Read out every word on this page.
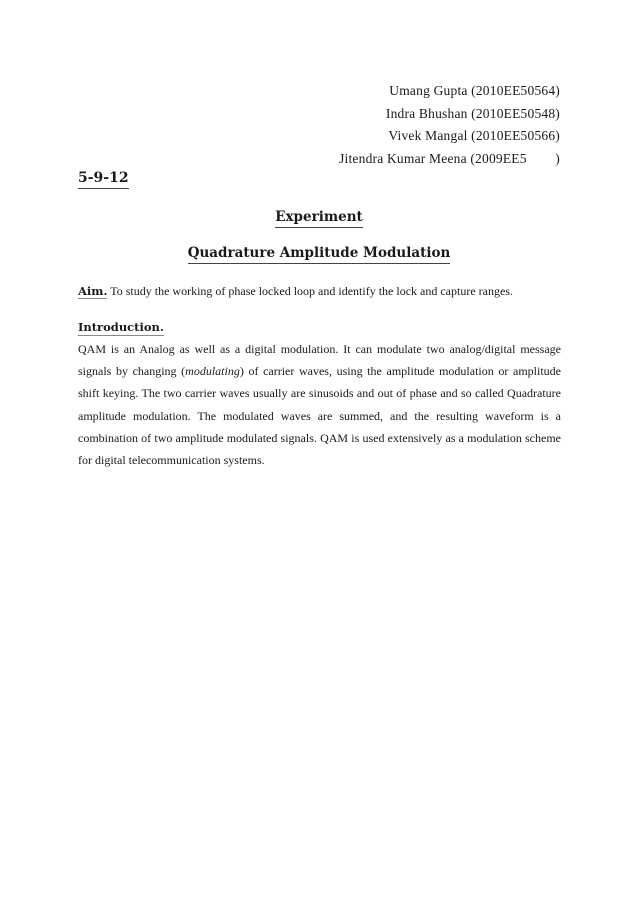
Umang Gupta (2010EE50564)
Indra Bhushan (2010EE50548)
Vivek Mangal (2010EE50566)
Jitendra Kumar Meena (2009EE5        )
5-9-12
Experiment
Quadrature Amplitude Modulation
Aim. To study the working of phase locked loop and identify the lock and capture ranges.
Introduction.
QAM is an Analog as well as a digital modulation. It can modulate two analog/digital message signals by changing (modulating) of carrier waves, using the amplitude modulation or amplitude shift keying. The two carrier waves usually are sinusoids and out of phase and so called Quadrature amplitude modulation. The modulated waves are summed, and the resulting waveform is a combination of two amplitude modulated signals. QAM is used extensively as a modulation scheme for digital telecommunication systems.
